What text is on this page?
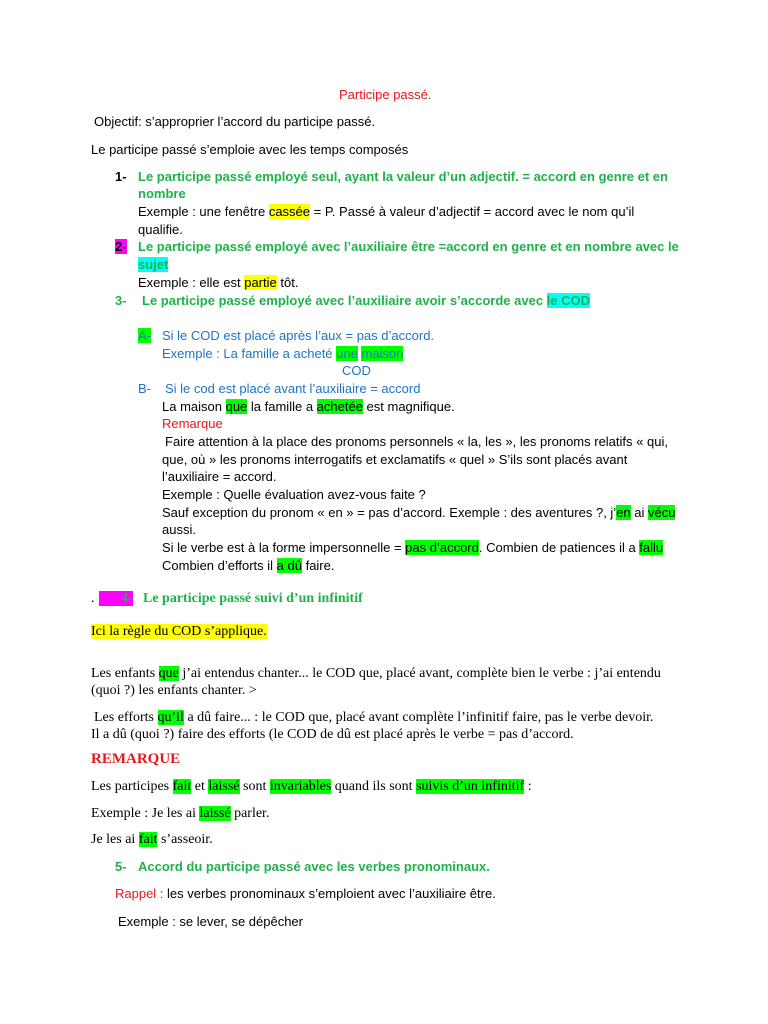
Participe passé.
Objectif: s’approprier l’accord du participe passé.
Le participe passé s’emploie avec les temps composés
1- Le participe passé employé seul, ayant la valeur d’un adjectif. = accord en genre et en
nombre
Exemple : une fenêtre cassée = P. Passé à valeur d’adjectif = accord avec le nom qu’il
qualifie.
2- Le participe passé employé avec l’auxiliaire être =accord en genre et en nombre avec le
sujet
Exemple : elle est partie tôt.
3- Le participe passé employé avec l’auxiliaire avoir s’accorde avec le COD
A- Si le COD est placé après l’aux = pas d’accord.
Exemple : La famille a acheté une maison
COD
B- Si le cod est placé avant l’auxiliaire = accord
La maison que la famille a achetée est magnifique.
Remarque
Faire attention à la place des pronoms personnels « la, les », les pronoms relatifs « qui,
que, où » les pronoms interrogatifs et exclamatifs « quel » S’ils sont placés avant
l’auxiliaire = accord.
Exemple : Quelle évaluation avez-vous faite ?
Sauf exception du pronom « en » = pas d’accord. Exemple : des aventures ?, j’en ai vécu
aussi.
Si le verbe est à la forme impersonnelle = pas d’accord. Combien de patiences il a fallu
Combien d’efforts il a dû faire.
.	4- Le participe passé suivi d’un infinitif
Ici la règle du COD s’applique.
Les enfants que j’ai entendus chanter... le COD que, placé avant, complète bien le verbe : j’ai entendu
(quoi ?) les enfants chanter. >
Les efforts qu’il a dû faire... : le COD que, placé avant complète l’infinitif faire, pas le verbe devoir.
Il a dû (quoi ?) faire des efforts (le COD de dû est placé après le verbe = pas d’accord.
REMARQUE
Les participes fait et laissé sont invariables quand ils sont suivis d’un infinitif :
Exemple : Je les ai laissé parler.
Je les ai fait s’asseoir.
5- Accord du participe passé avec les verbes pronominaux.
Rappel : les verbes pronominaux s’emploient avec l’auxiliaire être.
Exemple : se lever, se dépêcher
